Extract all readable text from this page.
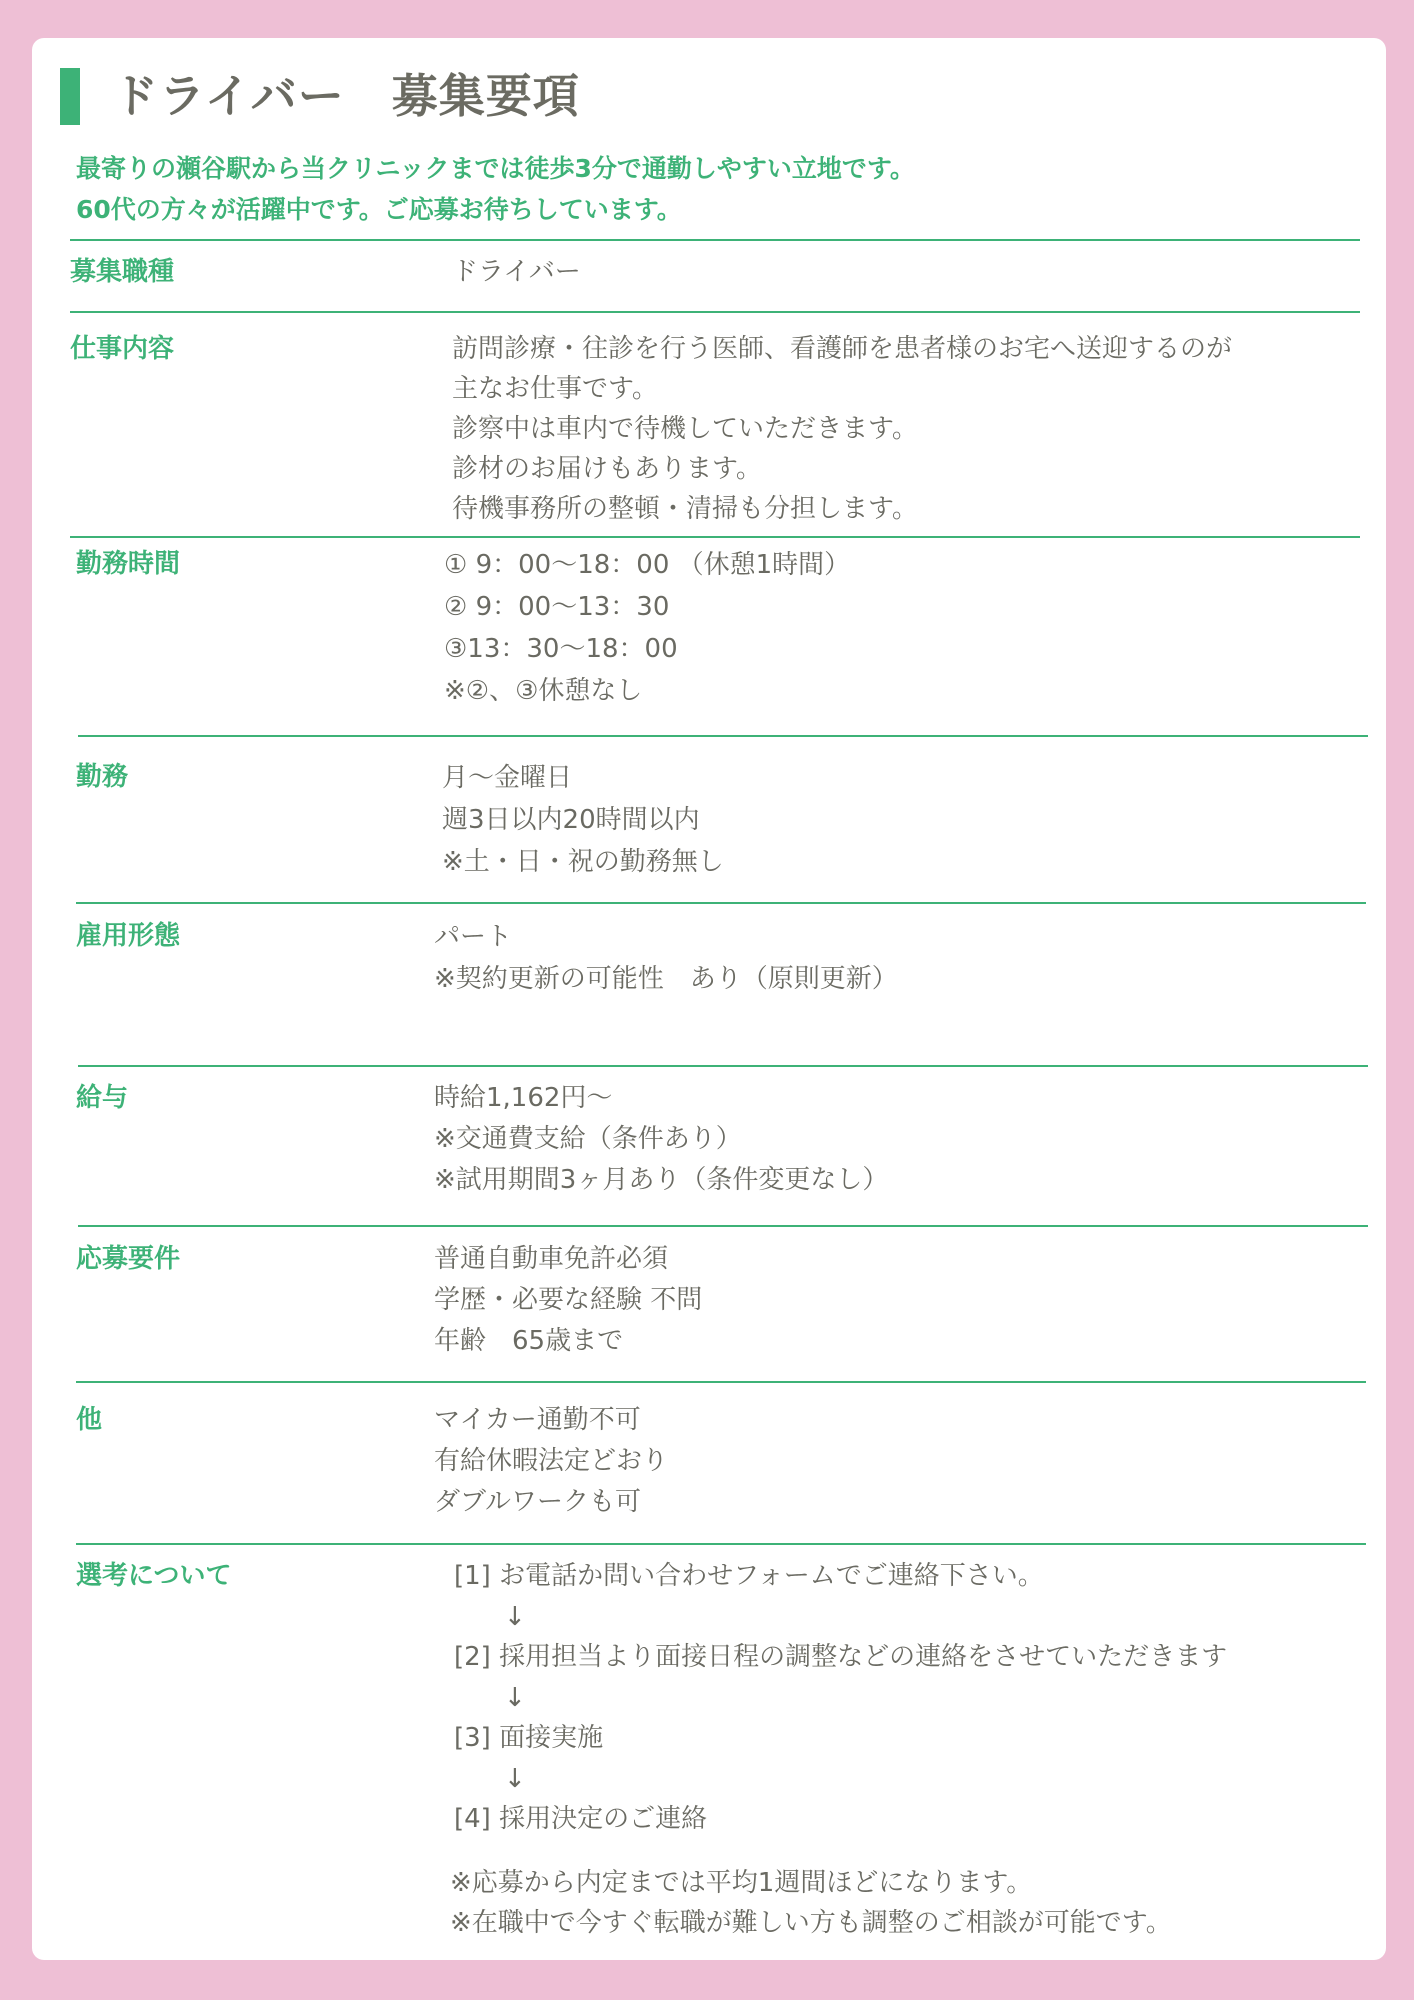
ドライバー　募集要項
最寄りの瀬谷駅から当クリニックまでは徒歩3分で通勤しやすい立地です。
60代の方々が活躍中です。ご応募お待ちしています。
募集職種	ドライバー
仕事内容	訪問診療・往診を行う医師、看護師を患者様のお宅へ送迎するのが
主なお仕事です。
診察中は車内で待機していただきます。
診材のお届けもあります。
待機事務所の整頓・清掃も分担します。
勤務時間	① 9：00〜18：00 （休憩1時間）
② 9：00〜13：30
③13：30〜18：00
※②、③休憩なし
勤務	月〜金曜日
週3日以内20時間以内
※土・日・祝の勤務無し
雇用形態	パート
※契約更新の可能性　あり（原則更新）
給与	時給1,162円〜
※交通費支給（条件あり）
※試用期間3ヶ月あり（条件変更なし）
応募要件	普通自動車免許必須
学歴・必要な経験 不問
年齢　65歳まで
他	マイカー通勤不可
有給休暇法定どおり
ダブルワークも可
選考について	[1] お電話か問い合わせフォームでご連絡下さい。
↓
[2] 採用担当より面接日程の調整などの連絡をさせていただきます
↓
[3] 面接実施
↓
[4] 採用決定のご連絡
※応募から内定までは平均1週間ほどになります。
※在職中で今すぐ転職が難しい方も調整のご相談が可能です。
